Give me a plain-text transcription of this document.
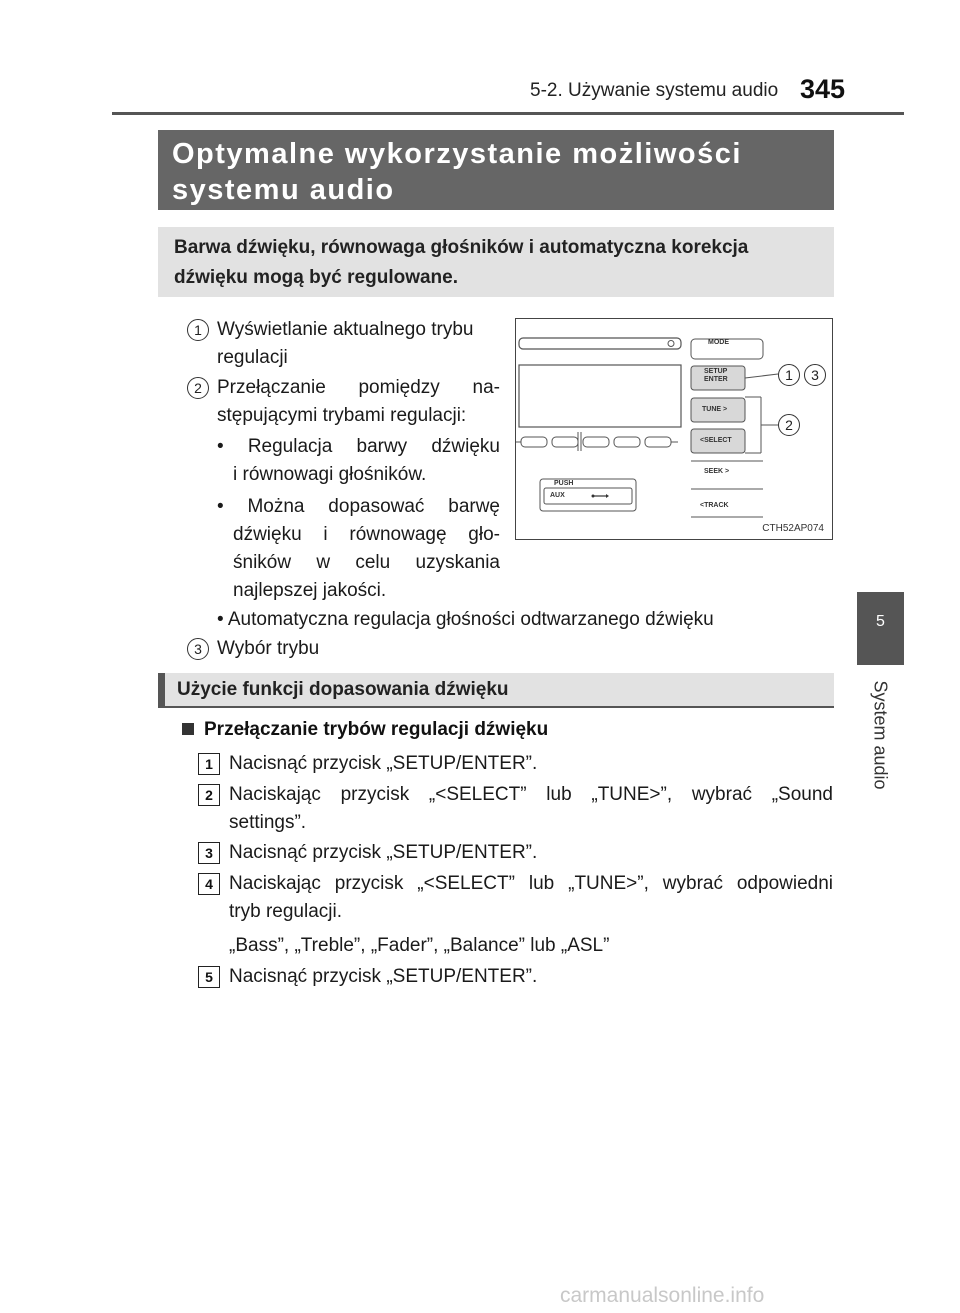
5-2. Używanie systemu audio 345
5
System audio
Optymalne wykorzystanie możliwości
systemu audio
Barwa dźwięku, równowaga głośników i automatyczna korekcja
dźwięku mogą być regulowane.
1 Wyświetlanie aktualnego trybu
regulacji
2 Przełączanie pomiędzy na-
stępującymi trybami regulacji:
• Regulacja barwy dźwięku
i równowagi głośników.
• Można dopasować barwę
dźwięku i równowagę gło-
śników w celu uzyskania
najlepszej jakości.
• Automatyczna regulacja głośności odtwarzanego dźwięku
3 Wybór trybu
MODE
SETUP
ENTER
TUNE >
<SELECT
SEEK >
<TRACK
PUSH
AUX
1	3
2
CTH52AP074
Użycie funkcji dopasowania dźwięku
Przełączanie trybów regulacji dźwięku
1 Nacisnąć przycisk „SETUP/ENTER”.
2 Naciskając przycisk „<SELECT” lub „TUNE>”, wybrać „Sound
settings”.
3 Nacisnąć przycisk „SETUP/ENTER”.
4 Naciskając przycisk „<SELECT” lub „TUNE>”, wybrać odpowiedni
tryb regulacji.
„Bass”, „Treble”, „Fader”, „Balance” lub „ASL”
5 Nacisnąć przycisk „SETUP/ENTER”.
carmanualsonline.info
